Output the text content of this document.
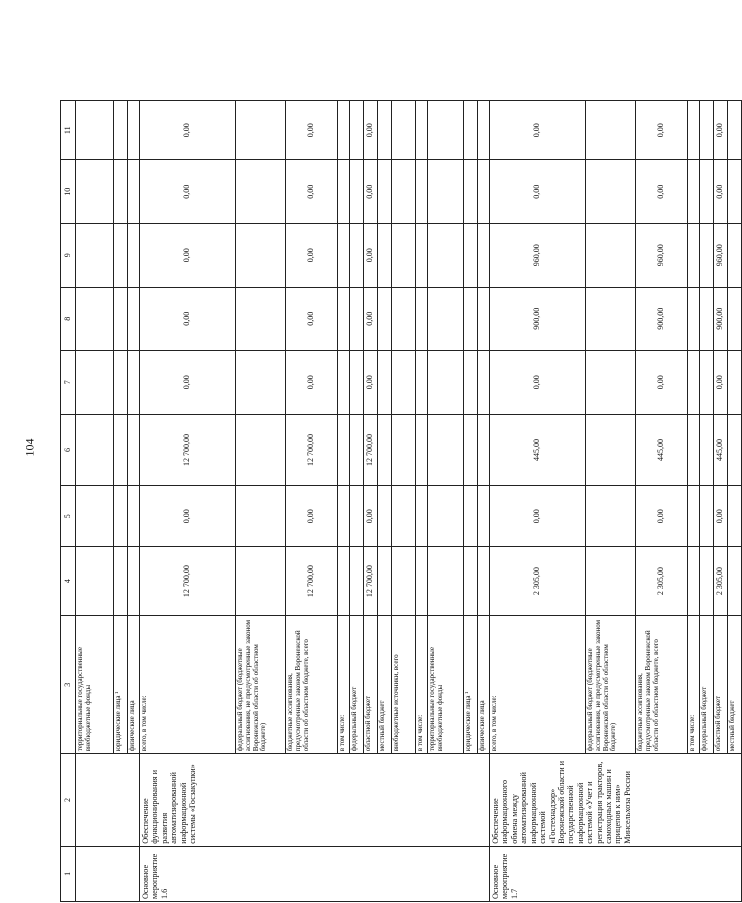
104
1	2	3	4	5	6	7	8	9	10	11
		территориальные государственные внебюджетные фонды								
		юридические лица ¹								
		физические лица								
Основное мероприятие 1.6	Обеспечение функционирования и развития автоматизированной информационной системы «Госзакупки»	всего, в том числе:	12 700,00	0,00	12 700,00	0,00	0,00	0,00	0,00	0,00
		федеральный бюджет (бюджетные ассигнования, не предусмотренные законом Воронежской области об областном бюджете)								
		бюджетные ассигнования, предусмотренные законом Воронежской области об областном бюджете, всего	12 700,00	0,00	12 700,00	0,00	0,00	0,00	0,00	0,00
		в том числе:								
		федеральный бюджет								
		областной бюджет	12 700,00	0,00	12 700,00	0,00	0,00	0,00	0,00	0,00
		местный бюджет								
		внебюджетные источники, всего								
		в том числе:								
		территориальные государственные внебюджетные фонды								
		юридические лица ¹								
		физические лица								
Основное мероприятие 1.7	Обеспечение информационного обмена между автоматизированной информационной системой «Гостехнадзор» Воронежской области и государственной информационной системой «Учет и регистрация тракторов, самоходных машин и прицепов к ним» Минсельхоза России	всего, в том числе:	2 305,00	0,00	445,00	0,00	900,00	960,00	0,00	0,00
		федеральный бюджет (бюджетные ассигнования, не предусмотренные законом Воронежской области об областном бюджете)								
		бюджетные ассигнования, предусмотренные законом Воронежской области об областном бюджете, всего	2 305,00	0,00	445,00	0,00	900,00	960,00	0,00	0,00
		в том числе:								
		федеральный бюджет								
		областной бюджет	2 305,00	0,00	445,00	0,00	900,00	960,00	0,00	0,00
		местный бюджет								
